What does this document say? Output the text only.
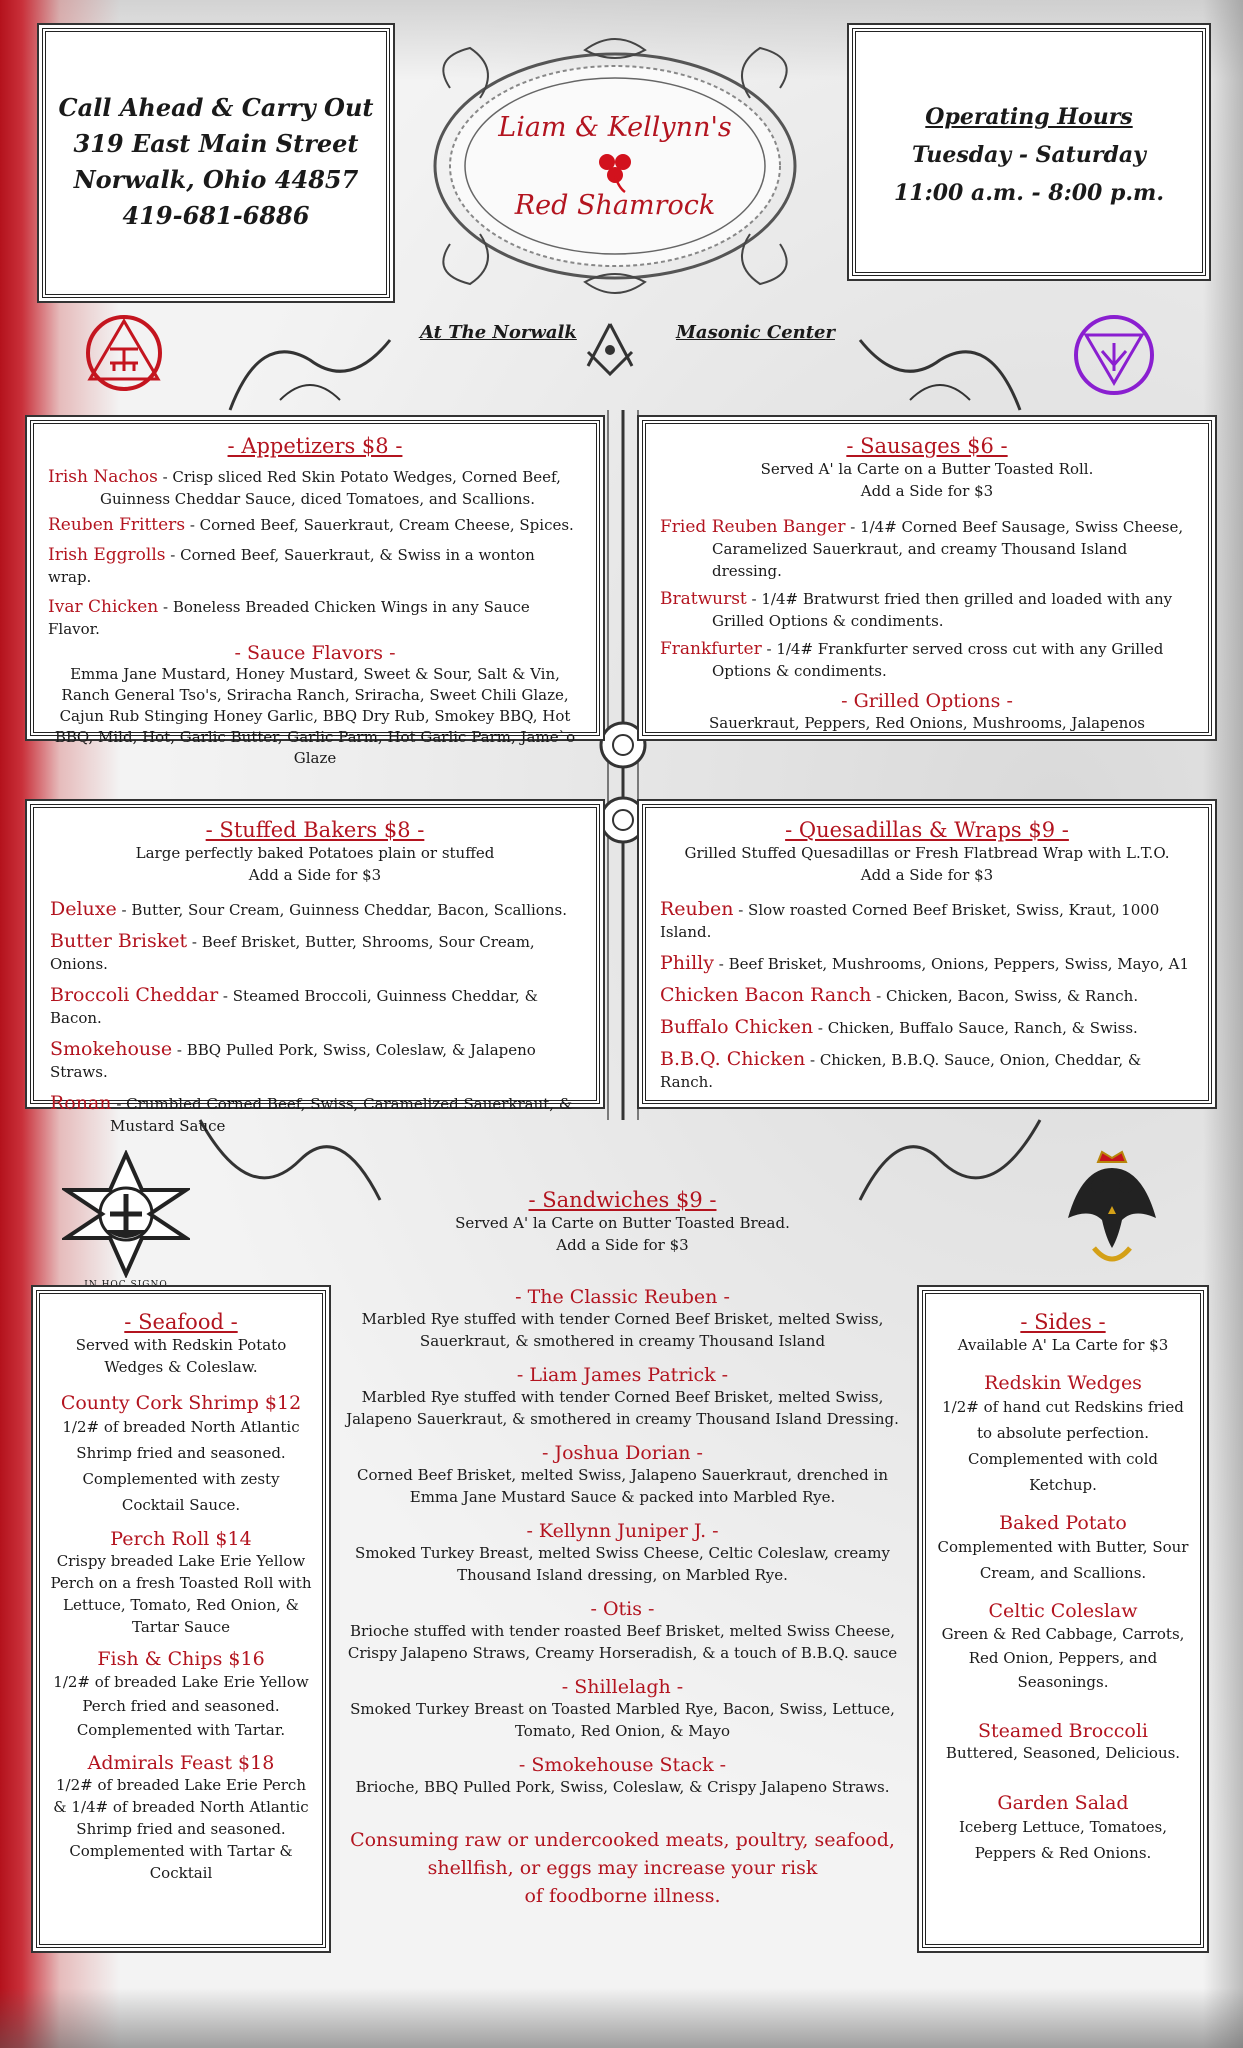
Call Ahead & Carry Out
319 East Main Street
Norwalk, Ohio 44857
419-681-6886
Liam & Kellynn's
Red Shamrock
Operating Hours
Tuesday - Saturday
11:00 a.m. - 8:00 p.m.
At The Norwalk	Masonic Center
- Appetizers $8 -

Irish Nachos - Crisp sliced Red Skin Potato Wedges, Corned Beef, Guinness Cheddar Sauce, diced Tomatoes, and Scallions.

Reuben Fritters - Corned Beef, Sauerkraut, Cream Cheese, Spices.

Irish Eggrolls - Corned Beef, Sauerkraut, & Swiss in a wonton wrap.

Ivar Chicken - Boneless Breaded Chicken Wings in any Sauce Flavor.

- Sauce Flavors -
Emma Jane Mustard, Honey Mustard, Sweet & Sour, Salt & Vin, Ranch General Tso's, Sriracha Ranch, Sriracha, Sweet Chili Glaze, Cajun Rub Stinging Honey Garlic, BBQ Dry Rub, Smokey BBQ, Hot BBQ, Mild, Hot, Garlic Butter, Garlic Parm, Hot Garlic Parm, Jame`o Glaze
- Sausages $6 -
Served A' la Carte on a Butter Toasted Roll.
Add a Side for $3

Fried Reuben Banger - 1/4# Corned Beef Sausage, Swiss Cheese, Caramelized Sauerkraut, and creamy Thousand Island dressing.

Bratwurst - 1/4# Bratwurst fried then grilled and loaded with any Grilled Options & condiments.

Frankfurter - 1/4# Frankfurter served cross cut with any Grilled Options & condiments.

- Grilled Options -
Sauerkraut, Peppers, Red Onions, Mushrooms, Jalapenos
- Stuffed Bakers $8 -
Large perfectly baked Potatoes plain or stuffed
Add a Side for $3

Deluxe - Butter, Sour Cream, Guinness Cheddar, Bacon, Scallions.

Butter Brisket - Beef Brisket, Butter, Shrooms, Sour Cream, Onions.

Broccoli Cheddar - Steamed Broccoli, Guinness Cheddar, & Bacon.

Smokehouse - BBQ Pulled Pork, Swiss, Coleslaw, & Jalapeno Straws.

Ronan - Crumbled Corned Beef, Swiss, Caramelized Sauerkraut, & Mustard Sauce

- Quesadillas & Wraps $9 -
Grilled Stuffed Quesadillas or Fresh Flatbread Wrap with L.T.O.
Add a Side for $3

Reuben - Slow roasted Corned Beef Brisket, Swiss, Kraut, 1000 Island.

Philly - Beef Brisket, Mushrooms, Onions, Peppers, Swiss, Mayo, A1

Chicken Bacon Ranch - Chicken, Bacon, Swiss, & Ranch.

Buffalo Chicken - Chicken, Buffalo Sauce, Ranch, & Swiss.

B.B.Q. Chicken - Chicken, B.B.Q. Sauce, Onion, Cheddar, & Ranch.

IN HOC SIGNO
- Sandwiches $9 -
Served A' la Carte on Butter Toasted Bread.
Add a Side for $3
- Seafood -
Served with Redskin Potato Wedges & Coleslaw.
County Cork Shrimp $12
1/2# of breaded North Atlantic Shrimp fried and seasoned. Complemented with zesty Cocktail Sauce.
Perch Roll $14
Crispy breaded Lake Erie Yellow Perch on a fresh Toasted Roll with Lettuce, Tomato, Red Onion, & Tartar Sauce
Fish & Chips $16
1/2# of breaded Lake Erie Yellow Perch fried and seasoned. Complemented with Tartar.
Admirals Feast $18
1/2# of breaded Lake Erie Perch & 1/4# of breaded North Atlantic Shrimp fried and seasoned. Complemented with Tartar & Cocktail
- The Classic Reuben -
Marbled Rye stuffed with tender Corned Beef Brisket, melted Swiss, Sauerkraut, & smothered in creamy Thousand Island
- Liam James Patrick -
Marbled Rye stuffed with tender Corned Beef Brisket, melted Swiss, Jalapeno Sauerkraut, & smothered in creamy Thousand Island Dressing.
- Joshua Dorian -
Corned Beef Brisket, melted Swiss, Jalapeno Sauerkraut, drenched in Emma Jane Mustard Sauce & packed into Marbled Rye.
- Kellynn Juniper J. -
Smoked Turkey Breast, melted Swiss Cheese, Celtic Coleslaw, creamy Thousand Island dressing, on Marbled Rye.
- Otis -
Brioche stuffed with tender roasted Beef Brisket, melted Swiss Cheese, Crispy Jalapeno Straws, Creamy Horseradish, & a touch of B.B.Q. sauce
- Shillelagh -
Smoked Turkey Breast on Toasted Marbled Rye, Bacon, Swiss, Lettuce, Tomato, Red Onion, & Mayo
- Smokehouse Stack -
Brioche, BBQ Pulled Pork, Swiss, Coleslaw, & Crispy Jalapeno Straws.
Consuming raw or undercooked meats, poultry, seafood,
shellfish, or eggs may increase your risk
of foodborne illness.
- Sides -
Available A' La Carte for $3
Redskin Wedges
1/2# of hand cut Redskins fried to absolute perfection. Complemented with cold Ketchup.
Baked Potato
Complemented with Butter, Sour Cream, and Scallions.
Celtic Coleslaw
Green & Red Cabbage, Carrots, Red Onion, Peppers, and Seasonings.
Steamed Broccoli
Buttered, Seasoned, Delicious.
Garden Salad
Iceberg Lettuce, Tomatoes, Peppers & Red Onions.
